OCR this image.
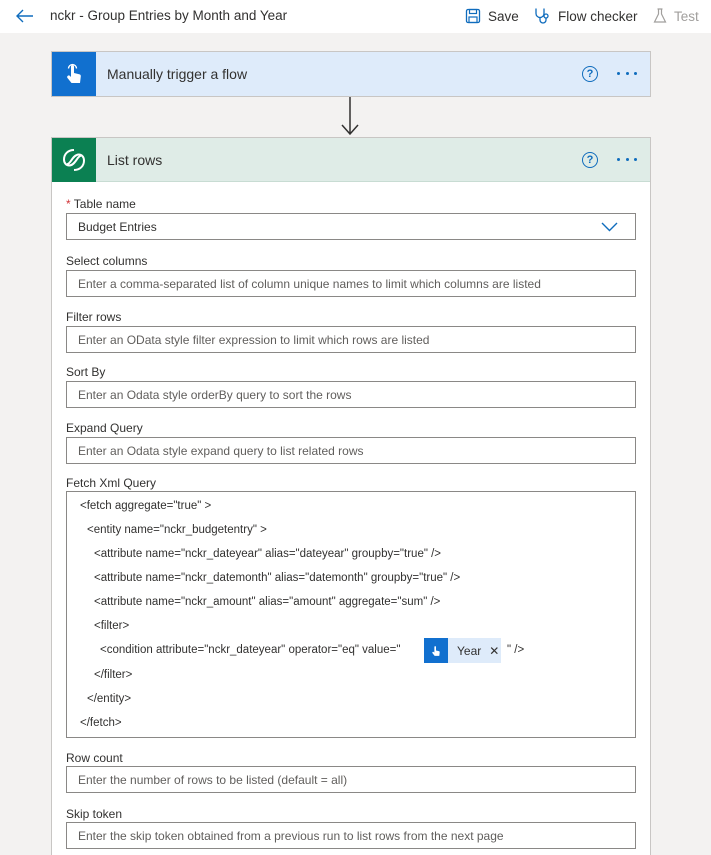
nckr - Group Entries by Month and Year	Save	Flow checker	Test
Manually trigger a flow	?
List rows	?
* Table name
Budget Entries
Select columns
Enter a comma-separated list of column unique names to limit which columns are listed
Filter rows
Enter an OData style filter expression to limit which rows are listed
Sort By
Enter an Odata style orderBy query to sort the rows
Expand Query
Enter an Odata style expand query to list related rows
Fetch Xml Query
<fetch aggregate="true" >
<entity name="nckr_budgetentry" >
<attribute name="nckr_dateyear" alias="dateyear" groupby="true" />
<attribute name="nckr_datemonth" alias="datemonth" groupby="true" />
<attribute name="nckr_amount" alias="amount" aggregate="sum" />
<filter>
<condition attribute="nckr_dateyear" operator="eq" value="	Year ✕ " />
</filter>
</entity>
</fetch>
Row count
Enter the number of rows to be listed (default = all)
Skip token
Enter the skip token obtained from a previous run to list rows from the next page
